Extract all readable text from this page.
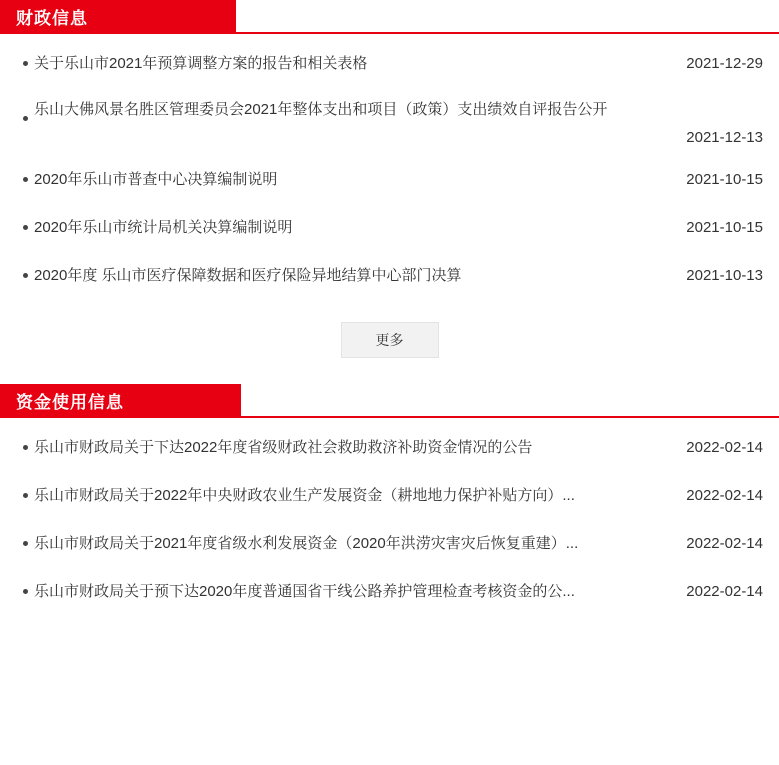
财政信息
关于乐山市2021年预算调整方案的报告和相关表格	2021-12-29
乐山大佛风景名胜区管理委员会2021年整体支出和项目（政策）支出绩效自评报告公开
2021-12-13
2020年乐山市普查中心决算编制说明	2021-10-15
2020年乐山市统计局机关决算编制说明	2021-10-15
2020年度 乐山市医疗保障数据和医疗保险异地结算中心部门决算	2021-10-13
更多
资金使用信息
乐山市财政局关于下达2022年度省级财政社会救助救济补助资金情况的公告	2022-02-14
乐山市财政局关于2022年中央财政农业生产发展资金（耕地地力保护补贴方向）...	2022-02-14
乐山市财政局关于2021年度省级水利发展资金（2020年洪涝灾害灾后恢复重建）...	2022-02-14
乐山市财政局关于预下达2020年度普通国省干线公路养护管理检查考核资金的公...	2022-02-14
